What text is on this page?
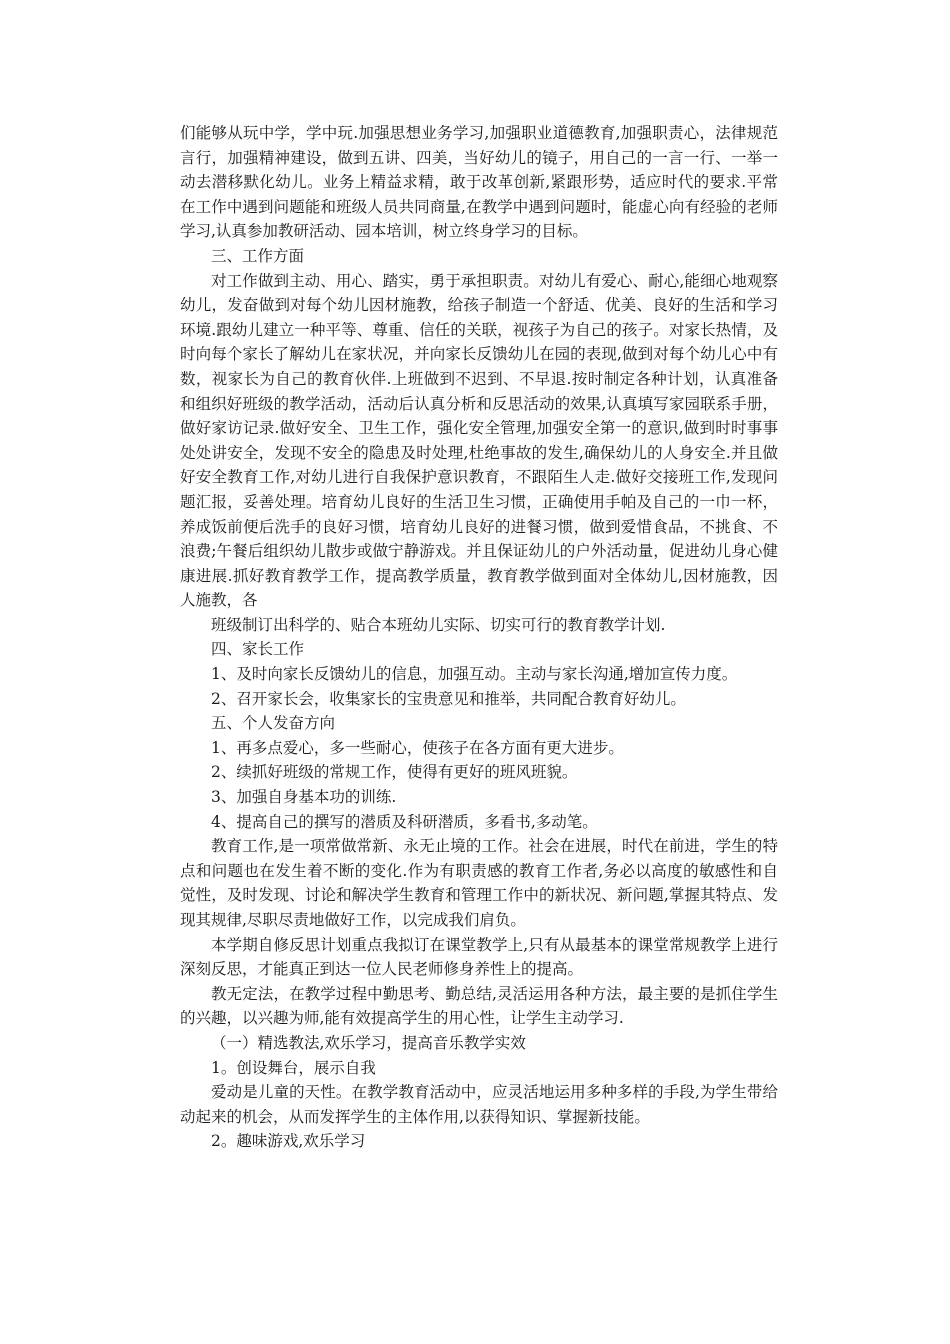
们能够从玩中学，学中玩.加强思想业务学习,加强职业道德教育,加强职责心，法律规范言行，加强精神建设，做到五讲、四美，当好幼儿的镜子，用自己的一言一行、一举一动去潜移默化幼儿。业务上精益求精，敢于改革创新,紧跟形势，适应时代的要求.平常在工作中遇到问题能和班级人员共同商量,在教学中遇到问题时，能虚心向有经验的老师学习,认真参加教研活动、园本培训，树立终身学习的目标。

三、工作方面

对工作做到主动、用心、踏实，勇于承担职责。对幼儿有爱心、耐心,能细心地观察幼儿，发奋做到对每个幼儿因材施教，给孩子制造一个舒适、优美、良好的生活和学习环境.跟幼儿建立一种平等、尊重、信任的关联，视孩子为自己的孩子。对家长热情，及时向每个家长了解幼儿在家状况，并向家长反馈幼儿在园的表现,做到对每个幼儿心中有数，视家长为自己的教育伙伴.上班做到不迟到、不早退.按时制定各种计划，认真准备和组织好班级的教学活动，活动后认真分析和反思活动的效果,认真填写家园联系手册，做好家访记录.做好安全、卫生工作，强化安全管理,加强安全第一的意识,做到时时事事处处讲安全，发现不安全的隐患及时处理,杜绝事故的发生,确保幼儿的人身安全.并且做好安全教育工作,对幼儿进行自我保护意识教育，不跟陌生人走.做好交接班工作,发现问题汇报，妥善处理。培育幼儿良好的生活卫生习惯，正确使用手帕及自己的一巾一杯，养成饭前便后洗手的良好习惯，培育幼儿良好的进餐习惯，做到爱惜食品，不挑食、不浪费;午餐后组织幼儿散步或做宁静游戏。并且保证幼儿的户外活动量，促进幼儿身心健康进展.抓好教育教学工作，提高教学质量，教育教学做到面对全体幼儿,因材施教，因人施教，各

班级制订出科学的、贴合本班幼儿实际、切实可行的教育教学计划.

四、家长工作

1、及时向家长反馈幼儿的信息，加强互动。主动与家长沟通,增加宣传力度。

2、召开家长会，收集家长的宝贵意见和推举，共同配合教育好幼儿。

五、个人发奋方向

1、再多点爱心，多一些耐心，使孩子在各方面有更大进步。

2、续抓好班级的常规工作，使得有更好的班风班貌。

3、加强自身基本功的训练.

4、提高自己的撰写的潜质及科研潜质，多看书,多动笔。

教育工作,是一项常做常新、永无止境的工作。社会在进展，时代在前进，学生的特点和问题也在发生着不断的变化.作为有职责感的教育工作者,务必以高度的敏感性和自觉性，及时发现、讨论和解决学生教育和管理工作中的新状况、新问题,掌握其特点、发现其规律,尽职尽责地做好工作，以完成我们肩负。

本学期自修反思计划重点我拟订在课堂教学上,只有从最基本的课堂常规教学上进行深刻反思，才能真正到达一位人民老师修身养性上的提高。

教无定法，在教学过程中勤思考、勤总结,灵活运用各种方法，最主要的是抓住学生的兴趣，以兴趣为师,能有效提高学生的用心性，让学生主动学习.

（一）精选教法,欢乐学习，提高音乐教学实效

1。创设舞台，展示自我

爱动是儿童的天性。在教学教育活动中，应灵活地运用多种多样的手段,为学生带给动起来的机会，从而发挥学生的主体作用,以获得知识、掌握新技能。

2。趣味游戏,欢乐学习
